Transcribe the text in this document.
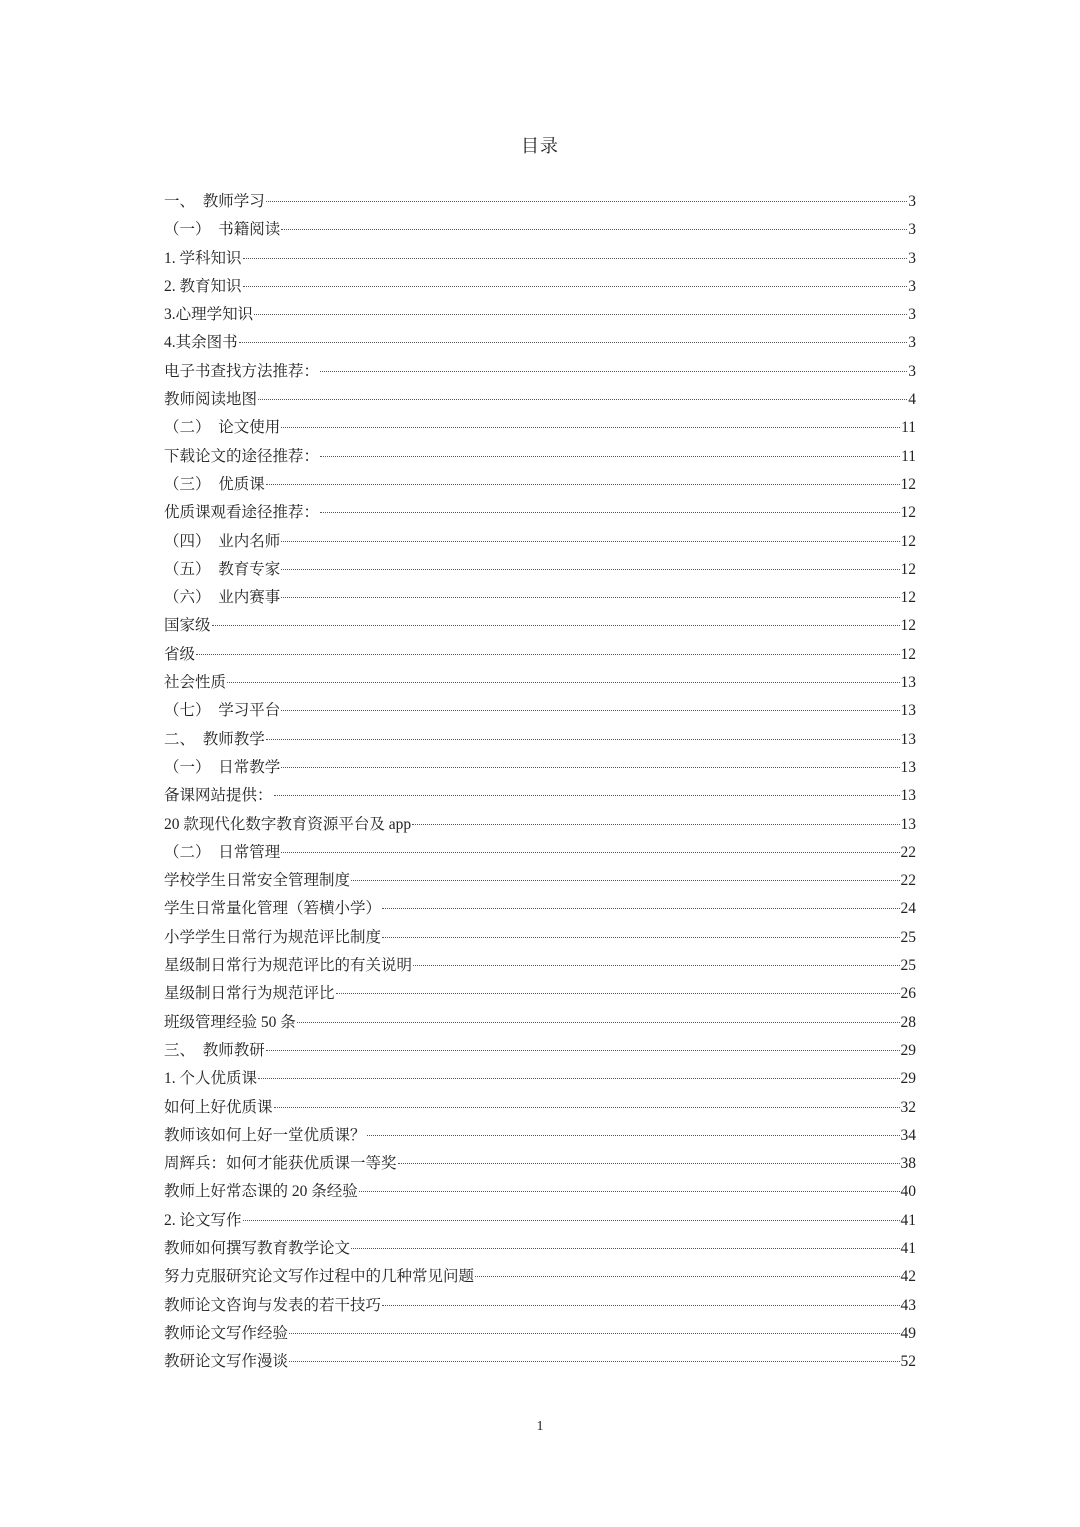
目录
一、　教师学习	3
（一）　书籍阅读	3
1. 学科知识	3
2. 教育知识	3
3.心理学知识	3
4.其余图书	3
电子书查找方法推荐：	3
教师阅读地图	4
（二）　论文使用	11
下载论文的途径推荐：	11
（三）　优质课	12
优质课观看途径推荐：	12
（四）　业内名师	12
（五）　教育专家	12
（六）　业内赛事	12
国家级	12
省级	12
社会性质	13
（七）　学习平台	13
二、　教师教学	13
（一）　日常教学	13
备课网站提供：	13
20 款现代化数字教育资源平台及 app	13
（二）　日常管理	22
学校学生日常安全管理制度	22
学生日常量化管理（箬横小学）	24
小学学生日常行为规范评比制度	25
星级制日常行为规范评比的有关说明	25
星级制日常行为规范评比	26
班级管理经验 50 条	28
三、　教师教研	29
1. 个人优质课	29
如何上好优质课	32
教师该如何上好一堂优质课？	34
周辉兵：如何才能获优质课一等奖	38
教师上好常态课的 20 条经验	40
2. 论文写作	41
教师如何撰写教育教学论文	41
努力克服研究论文写作过程中的几种常见问题	42
教师论文咨询与发表的若干技巧	43
教师论文写作经验	49
教研论文写作漫谈	52
1
